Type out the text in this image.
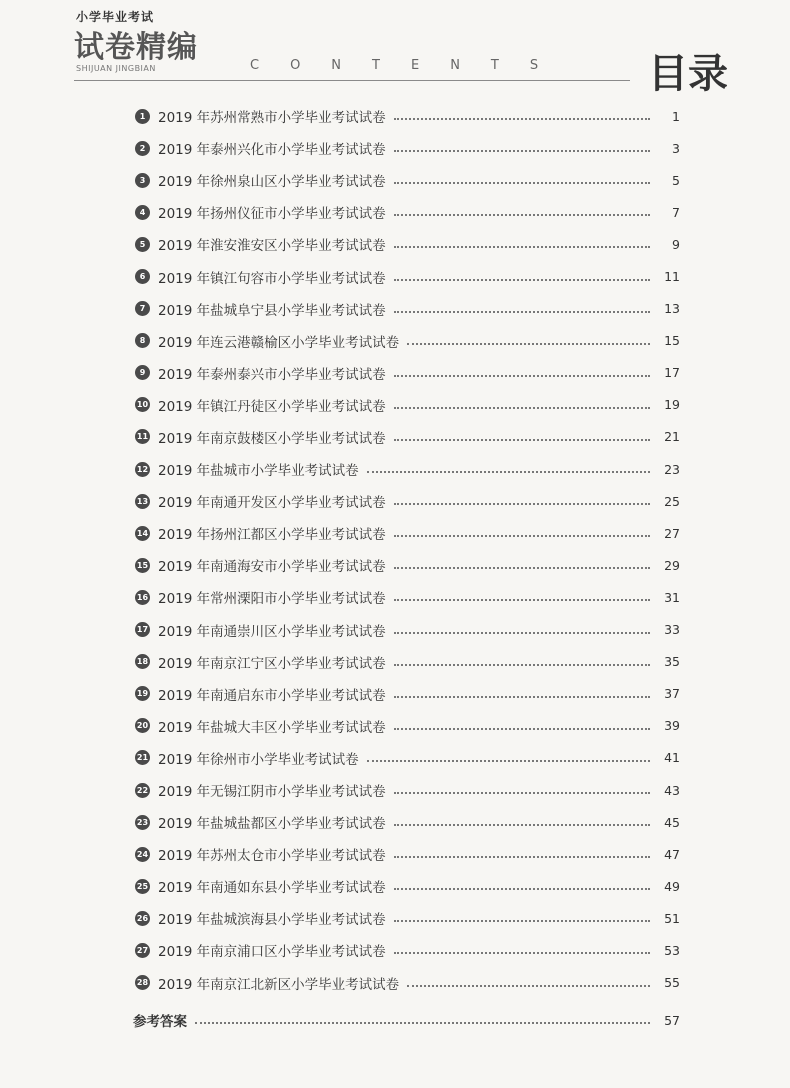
小学毕业考试
试卷精编
SHIJUAN JINGBIAN	CONTENTS 目录
1 2019 年苏州常熟市小学毕业考试试卷	1
2 2019 年泰州兴化市小学毕业考试试卷	3
3 2019 年徐州泉山区小学毕业考试试卷	5
4 2019 年扬州仪征市小学毕业考试试卷	7
5 2019 年淮安淮安区小学毕业考试试卷	9
6 2019 年镇江句容市小学毕业考试试卷	11
7 2019 年盐城阜宁县小学毕业考试试卷	13
8 2019 年连云港赣榆区小学毕业考试试卷	15
9 2019 年泰州泰兴市小学毕业考试试卷	17
10 2019 年镇江丹徒区小学毕业考试试卷	19
11 2019 年南京鼓楼区小学毕业考试试卷	21
12 2019 年盐城市小学毕业考试试卷	23
13 2019 年南通开发区小学毕业考试试卷	25
14 2019 年扬州江都区小学毕业考试试卷	27
15 2019 年南通海安市小学毕业考试试卷	29
16 2019 年常州溧阳市小学毕业考试试卷	31
17 2019 年南通崇川区小学毕业考试试卷	33
18 2019 年南京江宁区小学毕业考试试卷	35
19 2019 年南通启东市小学毕业考试试卷	37
20 2019 年盐城大丰区小学毕业考试试卷	39
21 2019 年徐州市小学毕业考试试卷	41
22 2019 年无锡江阴市小学毕业考试试卷	43
23 2019 年盐城盐都区小学毕业考试试卷	45
24 2019 年苏州太仓市小学毕业考试试卷	47
25 2019 年南通如东县小学毕业考试试卷	49
26 2019 年盐城滨海县小学毕业考试试卷	51
27 2019 年南京浦口区小学毕业考试试卷	53
28 2019 年南京江北新区小学毕业考试试卷	55
参考答案	57
